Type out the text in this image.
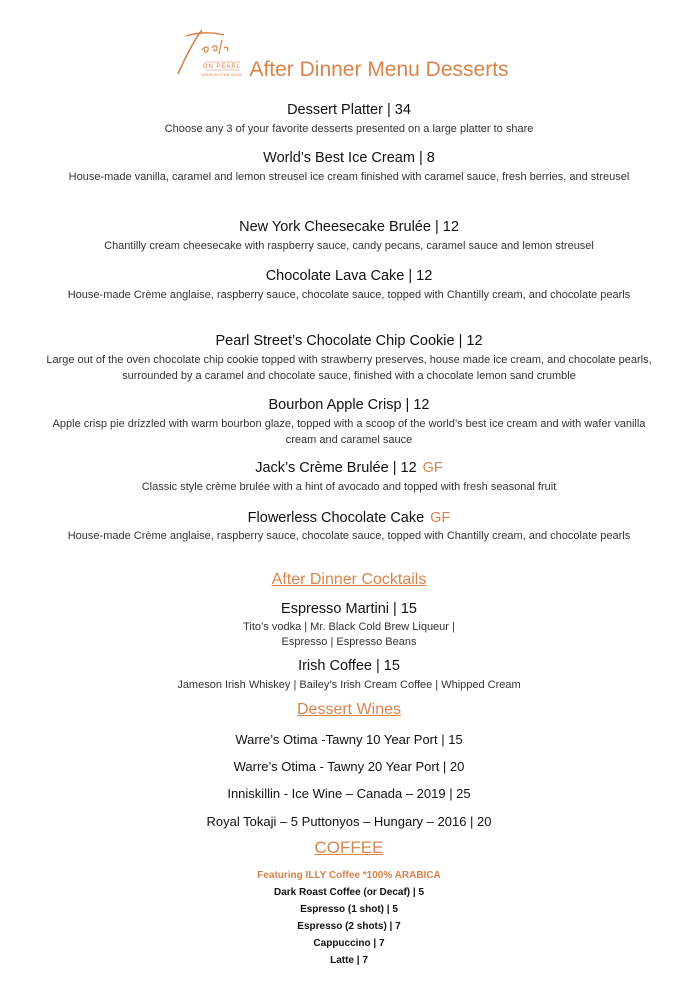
ON PEARL
AMERICAN STEAK HOUSE
Jack's
After Dinner Menu Desserts
Dessert Platter | 34
Choose any 3 of your favorite desserts presented on a large platter to share
World’s Best Ice Cream | 8
House-made vanilla, caramel and lemon streusel ice cream finished with caramel sauce, fresh berries, and streusel
New York Cheesecake Brulée | 12
Chantilly cream cheesecake with raspberry sauce, candy pecans, caramel sauce and lemon streusel
Chocolate Lava Cake | 12
House-made Crème anglaise, raspberry sauce, chocolate sauce, topped with Chantilly cream, and chocolate pearls
Pearl Street’s Chocolate Chip Cookie | 12
Large out of the oven chocolate chip cookie topped with strawberry preserves, house made ice cream, and chocolate pearls, surrounded by a caramel and chocolate sauce, finished with a chocolate lemon sand crumble
Bourbon Apple Crisp | 12
Apple crisp pie drizzled with warm bourbon glaze, topped with a scoop of the world’s best ice cream and with wafer vanilla cream and caramel sauce
Jack’s Crème Brulée | 12 GF
Classic style crème brulée with a hint of avocado and topped with fresh seasonal fruit
Flowerless Chocolate Cake GF
House-made Crème anglaise, raspberry sauce, chocolate sauce, topped with Chantilly cream, and chocolate pearls
After Dinner Cocktails
Espresso Martini | 15
Tito’s vodka | Mr. Black Cold Brew Liqueur |
Espresso | Espresso Beans
Irish Coffee | 15
Jameson Irish Whiskey | Bailey’s Irish Cream Coffee | Whipped Cream
Dessert Wines
Warre’s Otima -Tawny 10 Year Port | 15
Warre’s Otima - Tawny 20 Year Port | 20
Inniskillin - Ice Wine – Canada – 2019 | 25
Royal Tokaji – 5 Puttonyos – Hungary – 2016 | 20
COFFEE
Featuring ILLY Coffee *100% ARABICA
Dark Roast Coffee (or Decaf) | 5
Espresso (1 shot) | 5
Espresso (2 shots) | 7
Cappuccino | 7
Latte | 7
